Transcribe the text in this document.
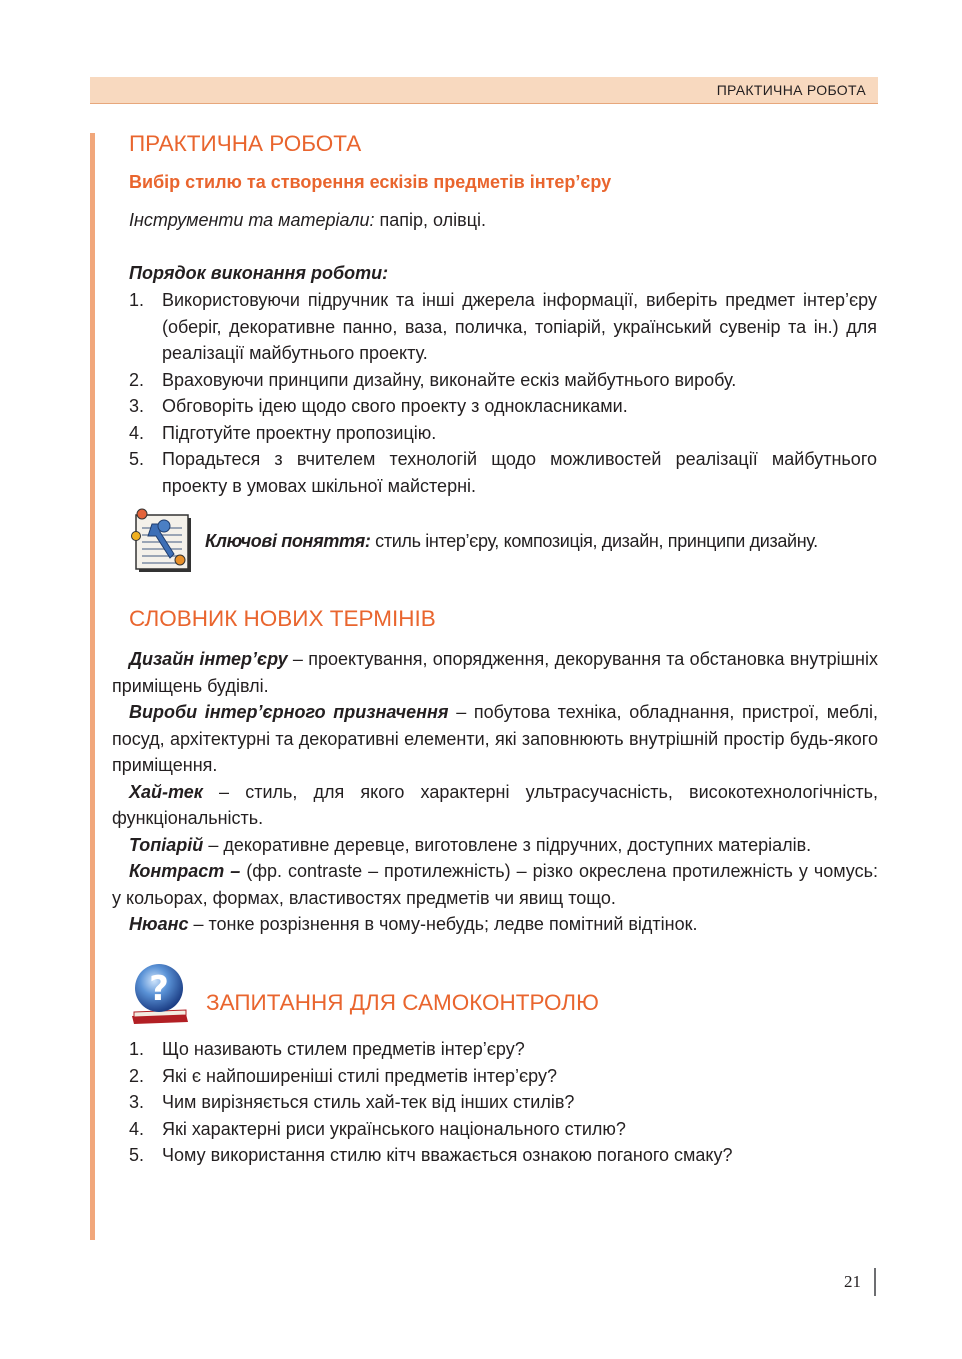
ПРАКТИЧНА РОБОТА
ПРАКТИЧНА РОБОТА
Вибір стилю та створення ескізів предметів інтер’єру
Інструменти та матеріали: папір, олівці.
Порядок виконання роботи:
1. Використовуючи підручник та інші джерела інформації, виберіть предмет інтер’єру (оберіг, декоративне панно, ваза, поличка, топіарій, український сувенір та ін.) для реалізації майбутнього проекту.
2. Враховуючи принципи дизайну, виконайте ескіз майбутнього виробу.
3. Обговоріть ідею щодо свого проекту з однокласниками.
4. Підготуйте проектну пропозицію.
5. Порадьтеся з вчителем технологій щодо можливостей реалізації майбутнього проекту в умовах шкільної майстерні.
Ключові поняття: стиль інтер’єру, композиція, дизайн, принципи дизайну.
СЛОВНИК НОВИХ ТЕРМІНІВ

Дизайн інтер’єру – проектування, опорядження, декорування та обстановка внутрішніх приміщень будівлі.

Вироби інтер’єрного призначення – побутова техніка, обладнання, пристрої, меблі, посуд, архітектурні та декоративні елементи, які заповнюють внутрішній простір будь-якого приміщення.

Хай-тек – стиль, для якого характерні ультрасучасність, високотехнологічність, функціональність.

Топіарій – декоративне деревце, виготовлене з підручних, доступних матеріалів.

Контраст – (фр. contraste – протилежність) – різко окреслена протилежність у чомусь: у кольорах, формах, властивостях предметів чи явищ тощо.

Нюанс – тонке розрізнення в чому-небудь; ледве помітний відтінок.

? ЗАПИТАННЯ ДЛЯ САМОКОНТРОЛЮ
1. Що називають стилем предметів інтер’єру?
2. Які є найпоширеніші стилі предметів інтер’єру?
3. Чим вирізняється стиль хай-тек від інших стилів?
4. Які характерні риси українського національного стилю?
5. Чому використання стилю кітч вважається ознакою поганого смаку?
21
